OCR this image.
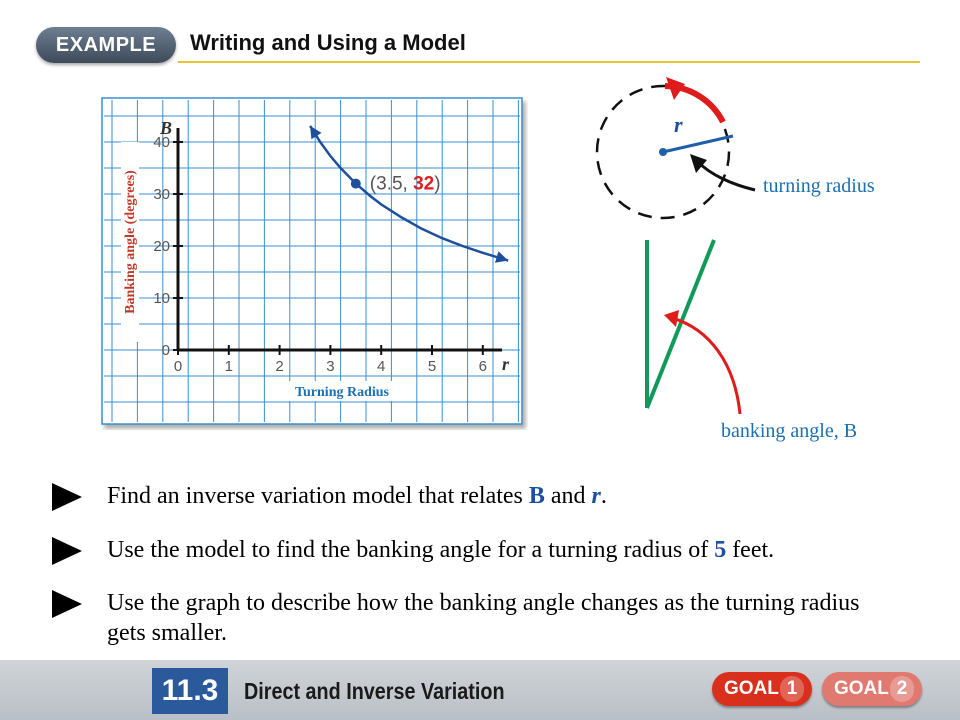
EXAMPLE	Writing and Using a Model
r
B
0	1	2	3	4	5	6
0
10
20
30
40
(3.5, 32)
Banking angle (degrees)
Turning Radius
r
turning radius
banking angle, B
Find an inverse variation model that relates B and r.
Use the model to find the banking angle for a turning radius of 5 feet.
Use the graph to describe how the banking angle changes as the turning radius gets smaller.
11.3	Direct and Inverse Variation	GOAL 1	GOAL 2
